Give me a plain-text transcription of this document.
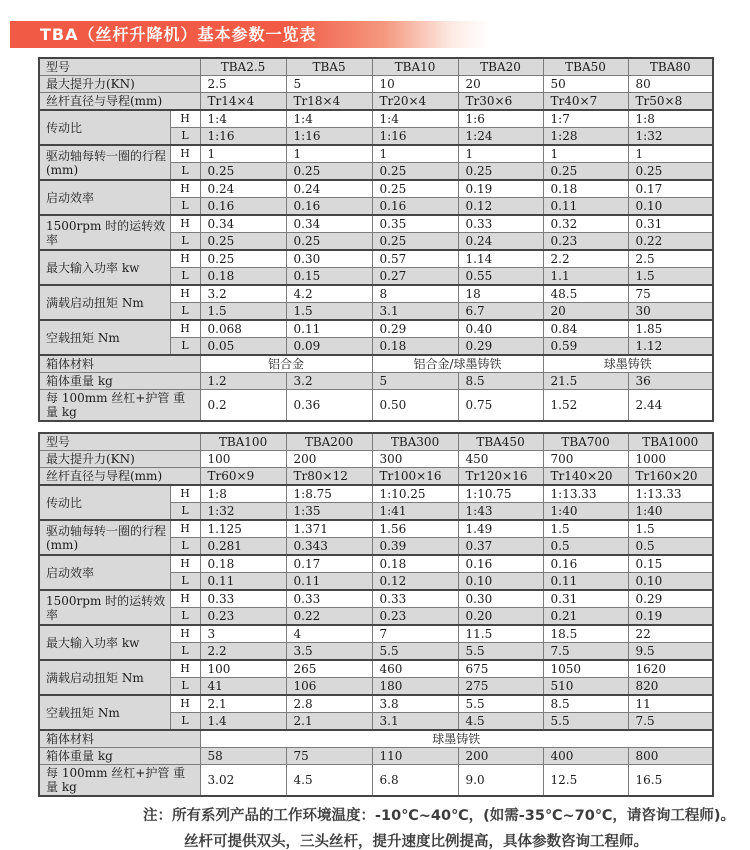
TBA（丝杆升降机）基本参数一览表
型号		TBA2.5	TBA5	TBA10	TBA20	TBA50	TBA80
最大提升力(KN)		2.5	5	10	20	50	80
丝杆直径与导程(mm)		Tr14×4	Tr18×4	Tr20×4	Tr30×6	Tr40×7	Tr50×8
传动比	H	1:4	1:4	1:4	1:6	1:7	1:8
	L	1:16	1:16	1:16	1:24	1:28	1:32
驱动轴每转一圈的行程(mm)	H	1	1	1	1	1	1
	L	0.25	0.25	0.25	0.25	0.25	0.25
启动效率	H	0.24	0.24	0.25	0.19	0.18	0.17
	L	0.16	0.16	0.16	0.12	0.11	0.10
1500rpm 时的运转效率	H	0.34	0.34	0.35	0.33	0.32	0.31
	L	0.25	0.25	0.25	0.24	0.23	0.22
最大输入功率 kw	H	0.25	0.30	0.57	1.14	2.2	2.5
	L	0.18	0.15	0.27	0.55	1.1	1.5
满载启动扭矩 Nm	H	3.2	4.2	8	18	48.5	75
	L	1.5	1.5	3.1	6.7	20	30
空载扭矩 Nm	H	0.068	0.11	0.29	0.40	0.84	1.85
	L	0.05	0.09	0.18	0.29	0.59	1.12
箱体材料		铝合金		铝合金/球墨铸铁		球墨铸铁	
箱体重量 kg		1.2	3.2	5	8.5	21.5	36
每 100mm 丝杠+护管 重量 kg		0.2	0.36	0.50	0.75	1.52	2.44
型号		TBA100	TBA200	TBA300	TBA450	TBA700	TBA1000
最大提升力(KN)		100	200	300	450	700	1000
丝杆直径与导程(mm)		Tr60×9	Tr80×12	Tr100×16	Tr120×16	Tr140×20	Tr160×20
传动比	H	1:8	1:8.75	1:10.25	1:10.75	1:13.33	1:13.33
	L	1:32	1:35	1:41	1:43	1:40	1:40
驱动轴每转一圈的行程(mm)	H	1.125	1.371	1.56	1.49	1.5	1.5
	L	0.281	0.343	0.39	0.37	0.5	0.5
启动效率	H	0.18	0.17	0.18	0.16	0.16	0.15
	L	0.11	0.11	0.12	0.10	0.11	0.10
1500rpm 时的运转效率	H	0.33	0.33	0.33	0.30	0.31	0.29
	L	0.23	0.22	0.23	0.20	0.21	0.19
最大输入功率 kw	H	3	4	7	11.5	18.5	22
	L	2.2	3.5	5.5	5.5	7.5	9.5
满载启动扭矩 Nm	H	100	265	460	675	1050	1620
	L	41	106	180	275	510	820
空载扭矩 Nm	H	2.1	2.8	3.8	5.5	8.5	11
	L	1.4	2.1	3.1	4.5	5.5	7.5
箱体材料		球墨铸铁					
箱体重量 kg		58	75	110	200	400	800
每 100mm 丝杠+护管 重量 kg		3.02	4.5	6.8	9.0	12.5	16.5
注： 所有系列产品的工作环境温度：-10℃~40℃，(如需-35℃~70℃，请咨询工程师)。
丝杆可提供双头，三头丝杆，提升速度比例提高，具体参数咨询工程师。
